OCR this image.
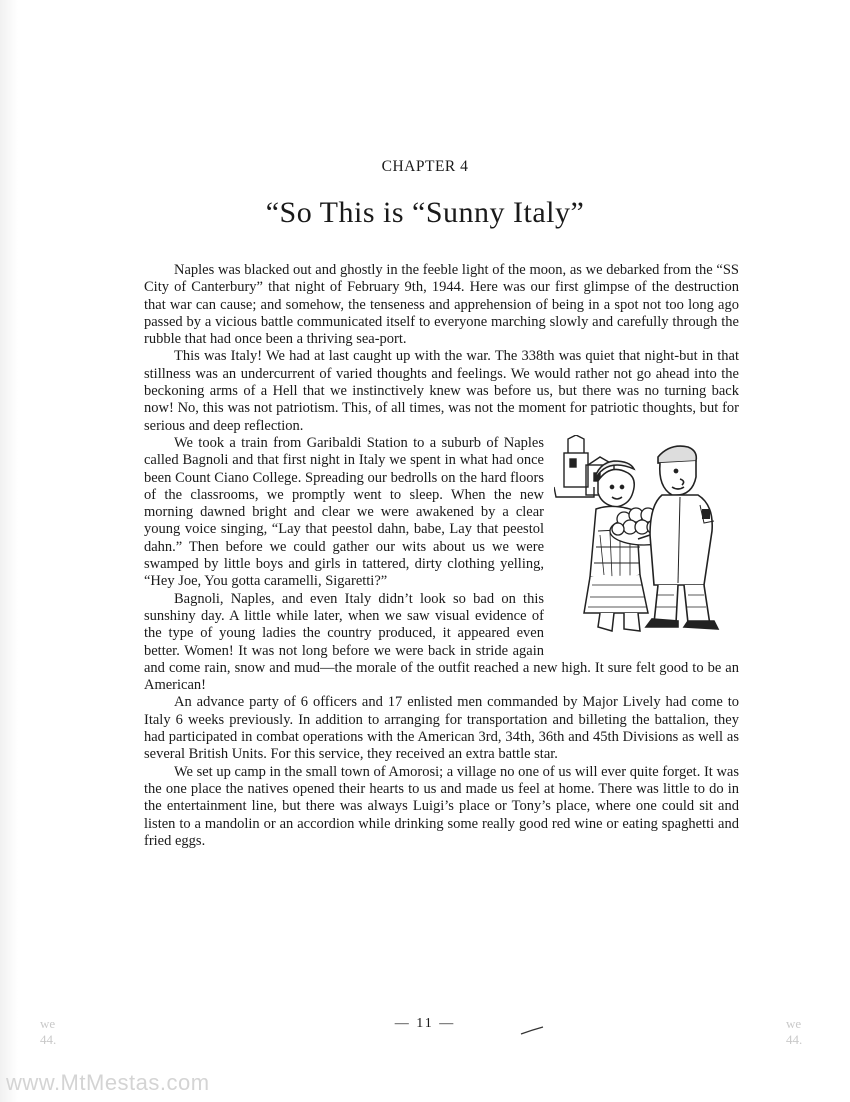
CHAPTER 4
“So This is “Sunny Italy”

Naples was blacked out and ghostly in the feeble light of the moon, as we debarked from the “SS City of Canterbury” that night of February 9th, 1944. Here was our first glimpse of the destruction that war can cause; and somehow, the tenseness and apprehension of being in a spot not too long ago passed by a vicious battle communicated itself to everyone marching slowly and carefully through the rubble that had once been a thriving sea-port.

This was Italy! We had at last caught up with the war. The 338th was quiet that night-but in that stillness was an undercurrent of varied thoughts and feelings. We would rather not go ahead into the beckoning arms of a Hell that we instinctively knew was before us, but there was no turning back now! No, this was not patriotism. This, of all times, was not the moment for patriotic thoughts, but for serious and deep reflection.

We took a train from Garibaldi Station to a suburb of Naples called Bagnoli and that first night in Italy we spent in what had once been Count Ciano College. Spreading our bedrolls on the hard floors of the classrooms, we promptly went to sleep. When the new morning dawned bright and clear we were awakened by a clear young voice singing, “Lay that peestol dahn, babe, Lay that peestol dahn.” Then before we could gather our wits about us we were swamped by little boys and girls in tattered, dirty clothing yelling, “Hey Joe, You gotta caramelli, Sigaretti?”

Bagnoli, Naples, and even Italy didn’t look so bad on this sunshiny day. A little while later, when we saw visual evidence of the type of young ladies the country produced, it appeared even better. Women! It was not long before we were back in stride again and come rain, snow and mud—the morale of the outfit reached a new high. It sure felt good to be an American!

An advance party of 6 officers and 17 enlisted men commanded by Major Lively had come to Italy 6 weeks previously. In addition to arranging for transportation and billeting the battalion, they had participated in combat operations with the American 3rd, 34th, 36th and 45th Divisions as well as several British Units. For this service, they received an extra battle star.

We set up camp in the small town of Amorosi; a village no one of us will ever quite forget. It was the one place the natives opened their hearts to us and made us feel at home. There was little to do in the entertainment line, but there was always Luigi’s place or Tony’s place, where one could sit and listen to a mandolin or an accordion while drinking some really good red wine or eating spaghetti and fried eggs.

we
44.
we
44.
— 11 —
www.MtMestas.com
